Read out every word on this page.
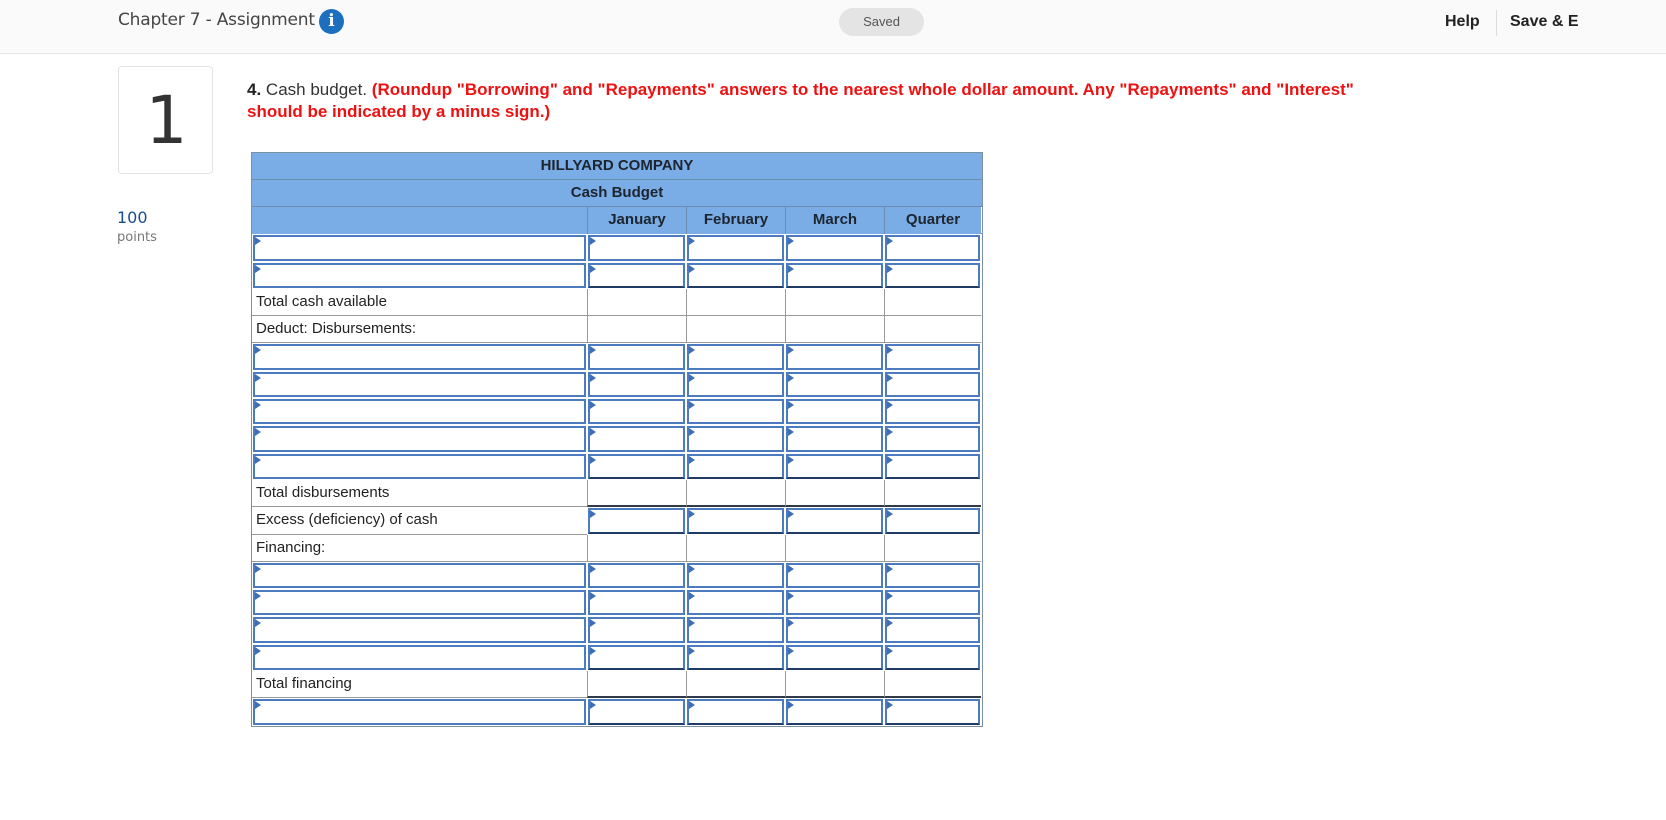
Chapter 7 - Assignment i	Saved	Help Save & E
1
100
points
4. Cash budget. (Roundup "Borrowing" and "Repayments" answers to the nearest whole dollar amount. Any "Repayments" and "Interest" should be indicated by a minus sign.)
HILLYARD COMPANY
Cash Budget
January	February	March	Quarter
Total cash available
Deduct: Disbursements:
Total disbursements
Excess (deficiency) of cash
Financing:
Total financing
